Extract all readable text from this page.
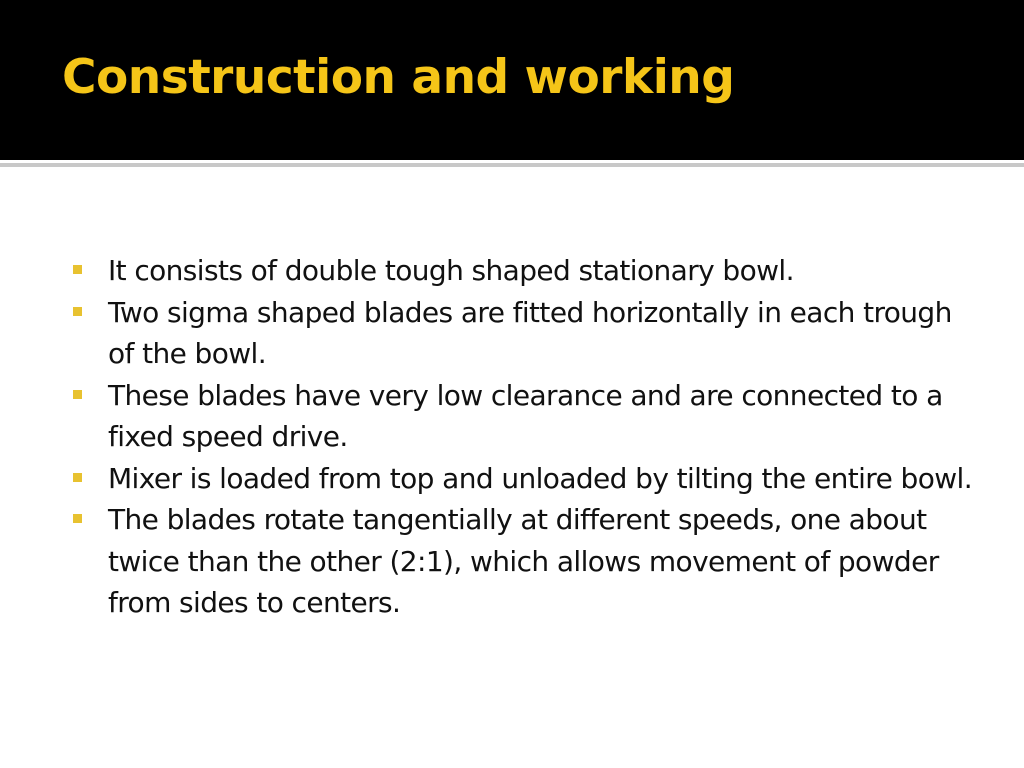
Construction and working
It consists of double tough shaped stationary bowl.
Two sigma shaped blades are fitted horizontally in each trough of the bowl.
These blades have very low clearance and are connected to a fixed speed drive.
Mixer is loaded from top and unloaded by tilting the entire bowl.
The blades rotate tangentially at different speeds, one about twice than the other (2:1), which allows movement of powder from sides to centers.
